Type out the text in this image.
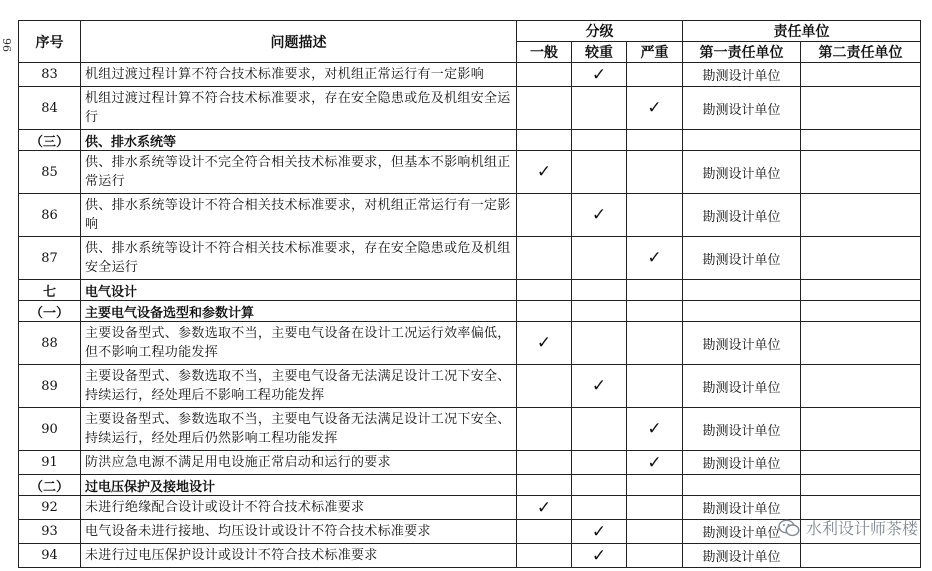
96 序号	问题描述	分级			责任单位	
		一般	较重	严重	第一责任单位	第二责任单位
83	机组过渡过程计算不符合技术标准要求，对机组正常运行有一定影响		✓		勘测设计单位	
84	机组过渡过程计算不符合技术标准要求，存在安全隐患或危及机组安全运行			✓	勘测设计单位	
（三）	供、排水系统等					
85	供、排水系统等设计不完全符合相关技术标准要求，但基本不影响机组正常运行	✓			勘测设计单位	
86	供、排水系统等设计不符合相关技术标准要求，对机组正常运行有一定影响		✓		勘测设计单位	
87	供、排水系统等设计不符合相关技术标准要求，存在安全隐患或危及机组安全运行			✓	勘测设计单位	
七	电气设计					
（一）	主要电气设备选型和参数计算					
88	主要设备型式、参数选取不当，主要电气设备在设计工况运行效率偏低，但不影响工程功能发挥	✓			勘测设计单位	
89	主要设备型式、参数选取不当，主要电气设备无法满足设计工况下安全、持续运行，经处理后不影响工程功能发挥		✓		勘测设计单位	
90	主要设备型式、参数选取不当，主要电气设备无法满足设计工况下安全、持续运行，经处理后仍然影响工程功能发挥			✓	勘测设计单位	
91	防洪应急电源不满足用电设施正常启动和运行的要求			✓	勘测设计单位	
（二）	过电压保护及接地设计					
92	未进行绝缘配合设计或设计不符合技术标准要求	✓			勘测设计单位	
93	电气设备未进行接地、均压设计或设计不符合技术标准要求		✓		勘测设计单位	
94	未进行过电压保护设计或设计不符合技术标准要求		✓		勘测设计单位	
水利设计师茶楼
